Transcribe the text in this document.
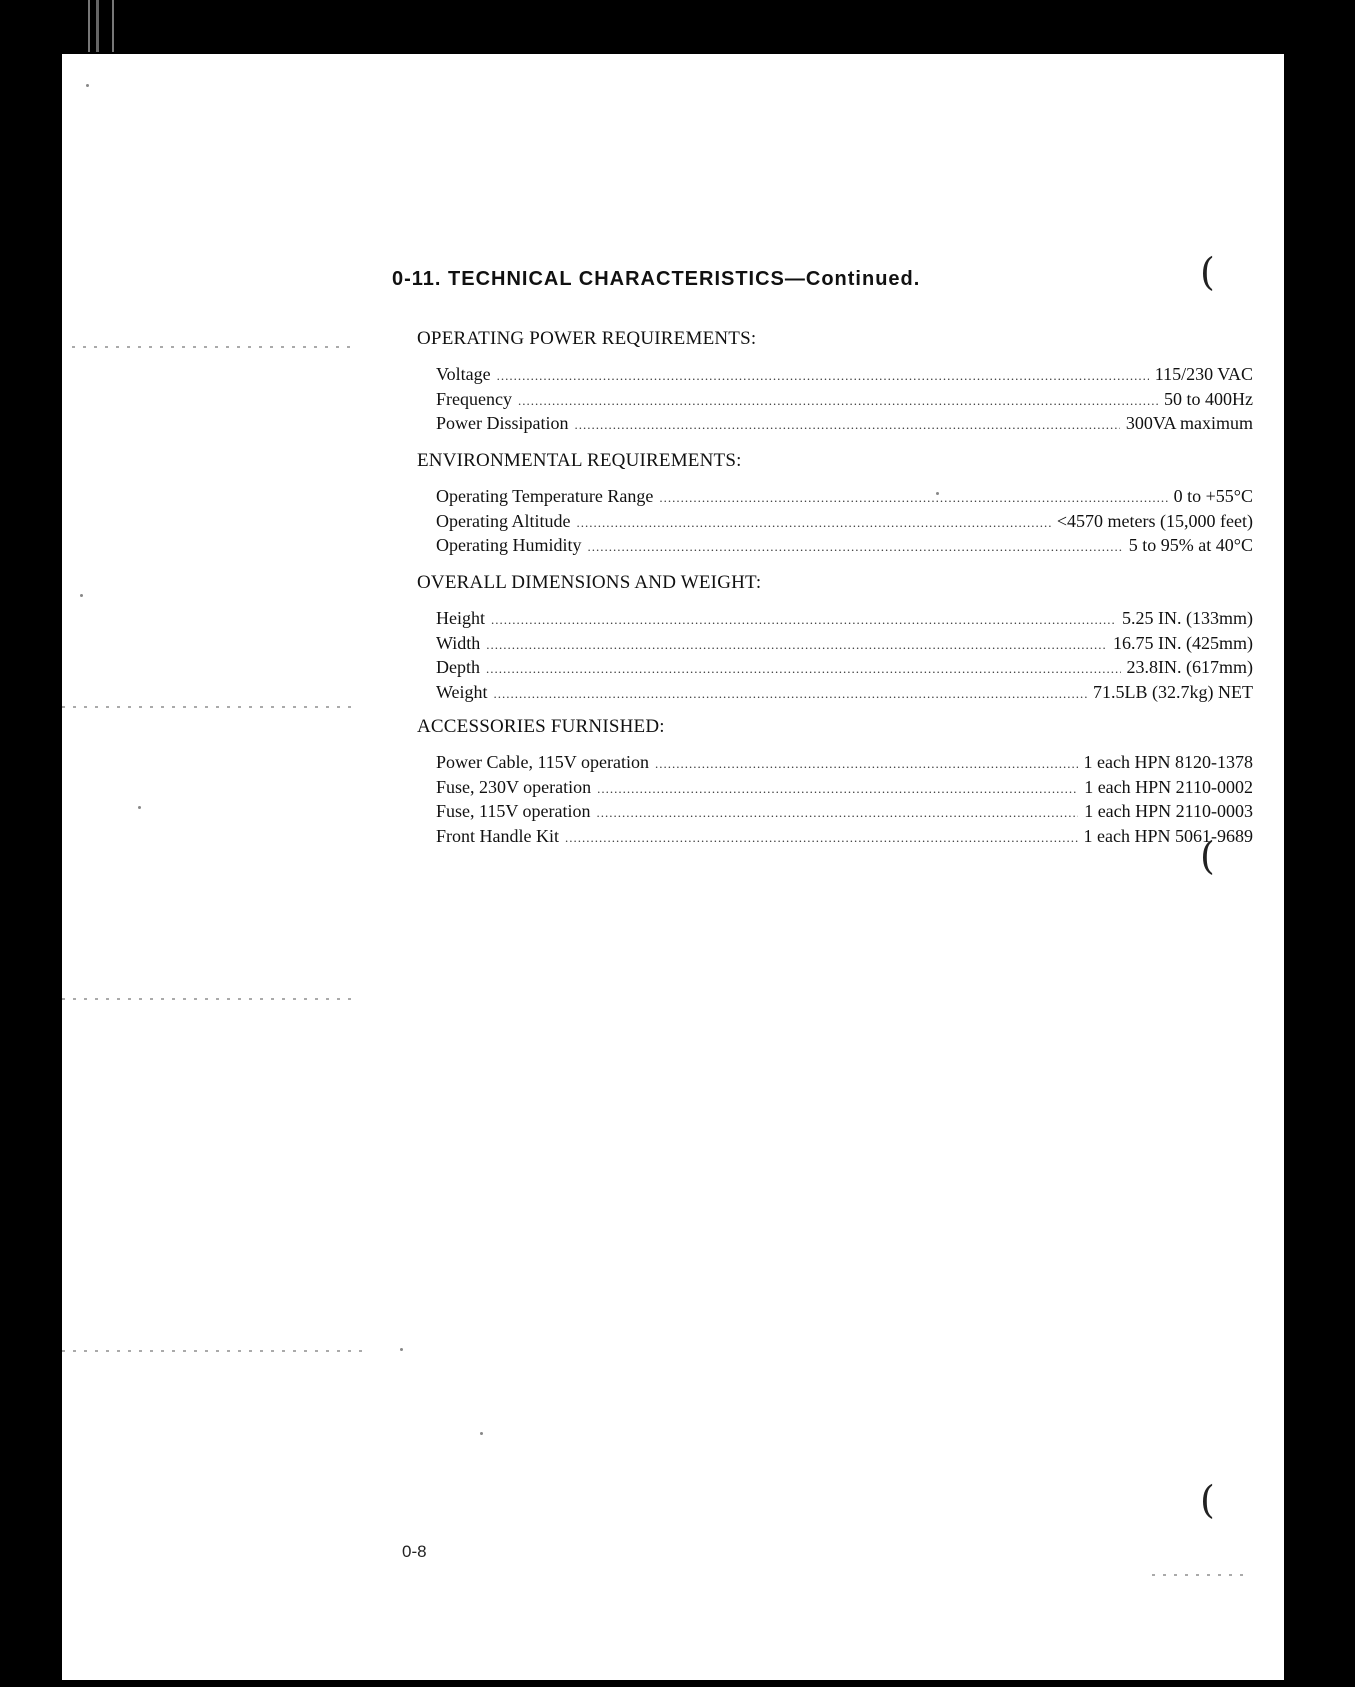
0-11. TECHNICAL CHARACTERISTICS—Continued.
OPERATING POWER REQUIREMENTS:
Voltage .....	115/230 VAC
Frequency .....	50 to 400Hz
Power Dissipation .....	300VA maximum
ENVIRONMENTAL REQUIREMENTS:
Operating Temperature Range .....	0 to +55°C
Operating Altitude .....	<4570 meters (15,000 feet)
Operating Humidity .....	5 to 95% at 40°C
OVERALL DIMENSIONS AND WEIGHT:
Height .....	5.25 IN. (133mm)
Width .....	16.75 IN. (425mm)
Depth .....	23.8IN. (617mm)
Weight .....	71.5LB (32.7kg) NET
ACCESSORIES FURNISHED:
Power Cable, 115V operation .....	1 each HPN 8120-1378
Fuse, 230V operation .....	1 each HPN 2110-0002
Fuse, 115V operation .....	1 each HPN 2110-0003
Front Handle Kit .....	1 each HPN 5061-9689
0-8
(
(
(
